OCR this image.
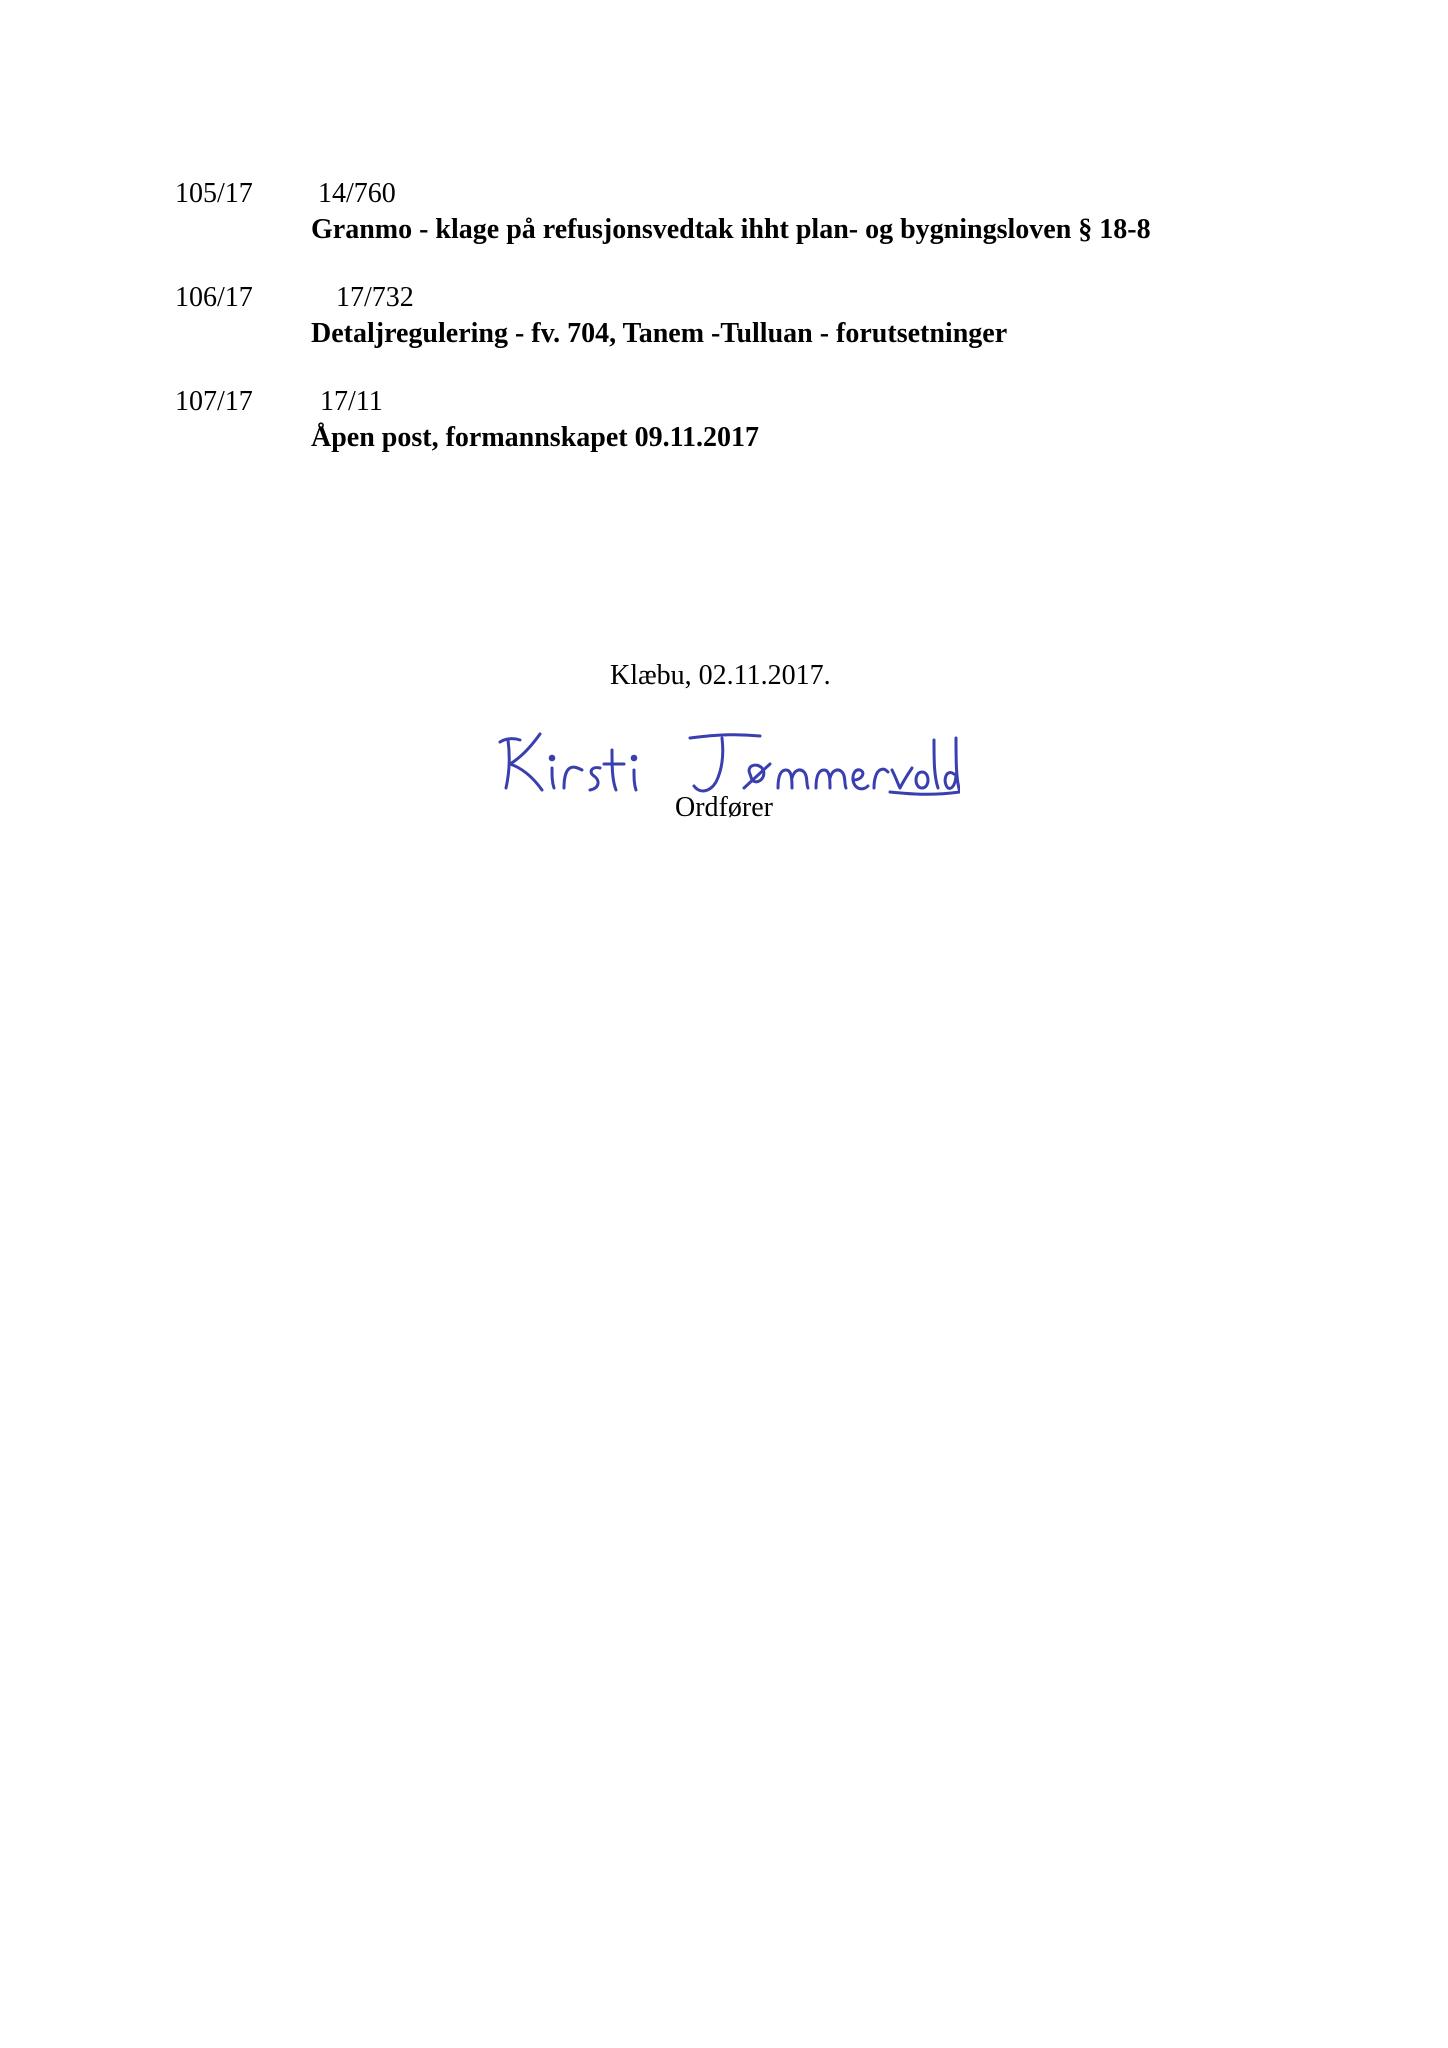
105/17 14/760
Granmo - klage på refusjonsvedtak ihht plan- og bygningsloven § 18-8
106/17	17/732
Detaljregulering - fv. 704, Tanem -Tulluan - forutsetninger
107/17 17/11
Åpen post, formannskapet 09.11.2017
Klæbu, 02.11.2017.
Ordfører
